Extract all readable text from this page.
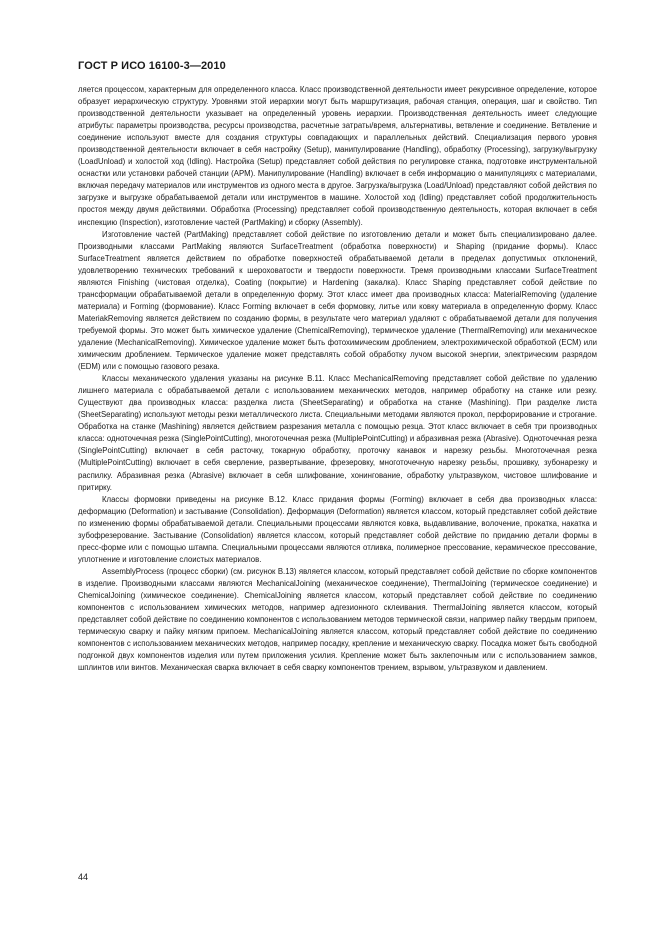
ГОСТ Р ИСО 16100-3—2010

ляется процессом, характерным для определенного класса. Класс производственной деятельности имеет рекурсивное определение, которое образует иерархическую структуру. Уровнями этой иерархии могут быть маршрутизация, рабочая станция, операция, шаг и свойство. Тип производственной деятельности указывает на определенный уровень иерархии. Производственная деятельность имеет следующие атрибуты: параметры производства, ресурсы производства, расчетные затраты/время, альтернативы, ветвление и соединение. Ветвление и соединение используют вместе для создания структуры совпадающих и параллельных действий. Специализация первого уровня производственной деятельности включает в себя настройку (Setup), манипулирование (Handling), обработку (Processing), загрузку/выгрузку (LoadUnload) и холостой ход (Idling). Настройка (Setup) представляет собой действия по регулировке станка, подготовке инструментальной оснастки или установки рабочей станции (АРМ). Манипулирование (Handling) включает в себя информацию о манипуляциях с материалами, включая передачу материалов или инструментов из одного места в другое. Загрузка/выгрузка (Load/Unload) представляют собой действия по загрузке и выгрузке обрабатываемой детали или инструментов в машине. Холостой ход (Idling) представляет собой продолжительность простоя между двумя действиями. Обработка (Processing) представляет собой производственную деятельность, которая включает в себя инспекцию (Inspection), изготовление частей (PartMaking) и сборку (Assembly).

Изготовление частей (PartMaking) представляет собой действие по изготовлению детали и может быть специализировано далее. Производными классами PartMaking являются SurfaceTreatment (обработка поверхности) и Shaping (придание формы). Класс SurfaceTreatment является действием по обработке поверхностей обрабатываемой детали в пределах допустимых отклонений, удовлетворению технических требований к шероховатости и твердости поверхности. Тремя производными классами SurfaceTreatment являются Finishing (чистовая отделка), Coating (покрытие) и Hardening (закалка). Класс Shaping представляет собой действие по трансформации обрабатываемой детали в определенную форму. Этот класс имеет два производных класса: MaterialRemoving (удаление материала) и Forming (формование). Класс Forming включает в себя формовку, литье или ковку материала в определенную форму. Класс MateriakRemoving является действием по созданию формы, в результате чего материал удаляют с обрабатываемой детали для получения требуемой формы. Это может быть химическое удаление (ChemicalRemoving), термическое удаление (ThermalRemoving) или механическое удаление (MechanicalRemoving). Химическое удаление может быть фотохимическим дроблением, электрохимической обработкой (ЕСМ) или химическим дроблением. Термическое удаление может представлять собой обработку лучом высокой энергии, электрическим разрядом (EDM) или с помощью газового резака.

Классы механического удаления указаны на рисунке В.11. Класс MechanicalRemoving представляет собой действие по удалению лишнего материала с обрабатываемой детали с использованием механических методов, например обработку на станке или резку. Существуют два производных класса: разделка листа (SheetSeparating) и обработка на станке (Mashining). При разделке листа (SheetSeparating) используют методы резки металлического листа. Специальными методами являются прокол, перфорирование и строгание. Обработка на станке (Mashining) является действием разрезания металла с помощью резца. Этот класс включает в себя три производных класса: одноточечная резка (SinglePointCutting), многоточечная резка (MultiplePointCutting) и абразивная резка (Abrasive). Одноточечная резка (SinglePointCutting) включает в себя расточку, токарную обработку, проточку канавок и нарезку резьбы. Многоточечная резка (MultiplePointCutting) включает в себя сверление, развертывание, фрезеровку, многоточечную нарезку резьбы, прошивку, зубонарезку и распилку. Абразивная резка (Abrasive) включает в себя шлифование, хонингование, обработку ультразвуком, чистовое шлифование и притирку.

Классы формовки приведены на рисунке В.12. Класс придания формы (Forming) включает в себя два производных класса: деформацию (Deformation) и застывание (Consolidation). Деформация (Deformation) является классом, который представляет собой действие по изменению формы обрабатываемой детали. Специальными процессами являются ковка, выдавливание, волочение, прокатка, накатка и зубофрезерование. Застывание (Consolidation) является классом, который представляет собой действие по приданию детали формы в пресс-форме или с помощью штампа. Специальными процессами являются отливка, полимерное прессование, керамическое прессование, уплотнение и изготовление слоистых материалов.

AssemblyProcess (процесс сборки) (см. рисунок В.13) является классом, который представляет собой действие по сборке компонентов в изделие. Производными классами являются MechanicalJoining (механическое соединение), ThermalJoining (термическое соединение) и ChemicalJoining (химическое соединение). ChemicalJoining является классом, который представляет собой действие по соединению компонентов с использованием химических методов, например адгезионного склеивания. ThermalJoining является классом, который представляет собой действие по соединению компонентов с использованием методов термической связи, например пайку твердым припоем, термическую сварку и пайку мягким припоем. MechanicalJoining является классом, который представляет собой действие по соединению компонентов с использованием механических методов, например посадку, крепление и механическую сварку. Посадка может быть свободной подгонкой двух компонентов изделия или путем приложения усилия. Крепление может быть заклепочным или с использованием замков, шплинтов или винтов. Механическая сварка включает в себя сварку компонентов трением, взрывом, ультразвуком и давлением.

44
